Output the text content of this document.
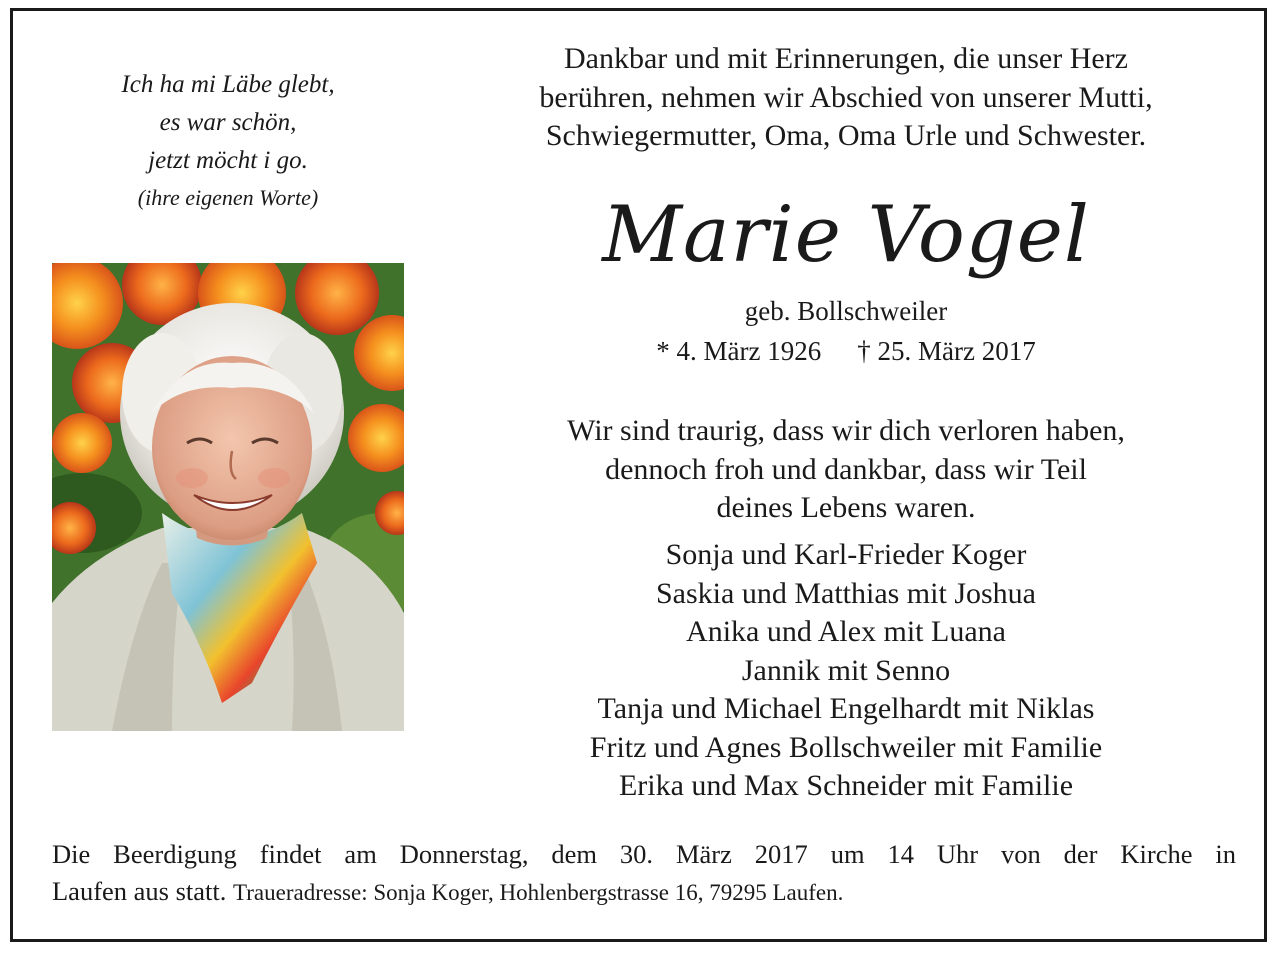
Ich ha mi Läbe glebt,
es war schön,
jetzt möcht i go.
(ihre eigenen Worte)
Dankbar und mit Erinnerungen, die unser Herz
berühren, nehmen wir Abschied von unserer Mutti,
Schwiegermutter, Oma, Oma Urle und Schwester.
Marie Vogel
geb. Bollschweiler
* 4. März 1926 † 25. März 2017
Wir sind traurig, dass wir dich verloren haben,
dennoch froh und dankbar, dass wir Teil
deines Lebens waren.
Sonja und Karl-Frieder Koger
Saskia und Matthias mit Joshua
Anika und Alex mit Luana
Jannik mit Senno
Tanja und Michael Engelhardt mit Niklas
Fritz und Agnes Bollschweiler mit Familie
Erika und Max Schneider mit Familie
Die Beerdigung findet am Donnerstag, dem 30. März 2017 um 14 Uhr von der Kirche in
Laufen aus statt. Traueradresse: Sonja Koger, Hohlenbergstrasse 16, 79295 Laufen.
